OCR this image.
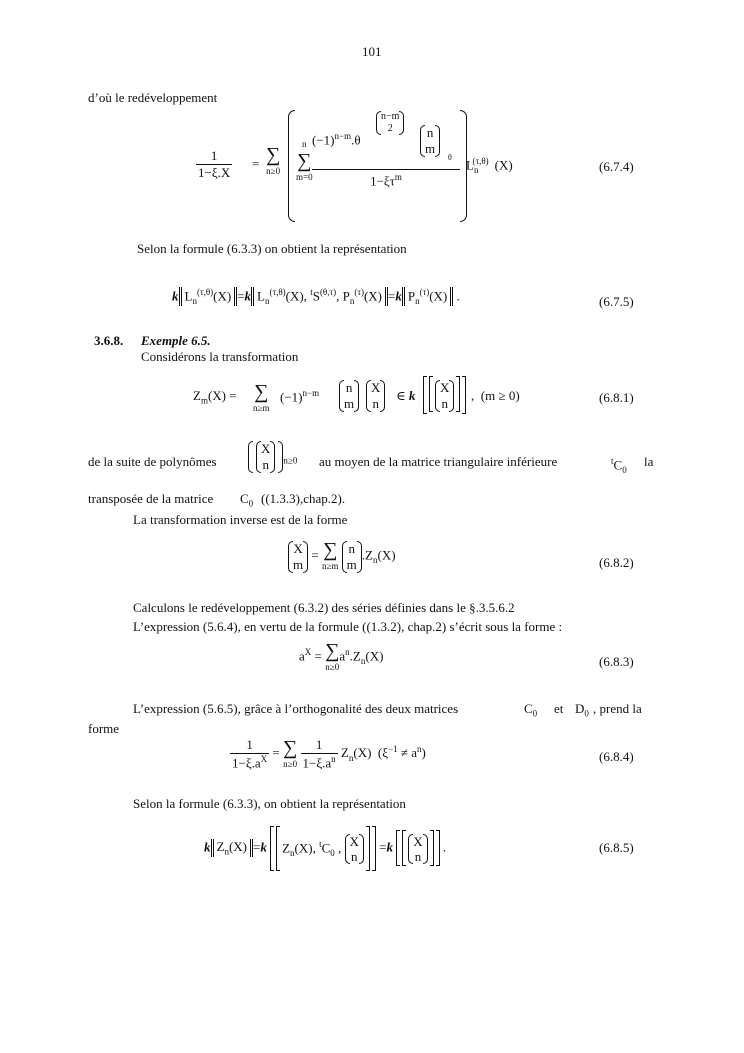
101
d’où le redéveloppement
$\frac{1}{1-\xi.X}$ = ∑
n≥0
n
∑
m=0
$(-1)^{n-m}.\theta$
n−m
2	n
m
θ
$1-\xi\tau^m$
$L_n^{(\tau,\theta)}$ (X)	(6.7.4)
Selon la formule (6.3.3) on obtient la représentation
k $L_n^{(\tau,\theta)}(X) =k$ $L_n^{(\tau,\theta)}(X)$, $^tS^{(\theta,\tau)}$, $P_n^{(\tau)}(X) =k$ $P_n^{(\tau)}(X)$ .	(6.7.5)
3.6.8. Exemple 6.5.
Considérons la transformation
$Z_m(X)$ = ∑
n≥m
$(-1)^{n-m}$	n
m
X
n
∈ k
X
n
,  (m ≥ 0)	(6.8.1)
de la suite de polynômes
X
n $_{n\ge 0}$ au moyen de la matrice triangulaire inférieure	$^tC_0$
la
transposée de la matrice $C_0$ ((1.3.3),chap.2).
La transformation inverse est de la forme
X
m = ∑
n≥m
n
$m.Z_n(X)$
(6.8.2)
Calculons le redéveloppement (6.3.2) des séries définies dans le §.3.5.6.2
L’expression (5.6.4), en vertu de la formule ((1.3.2), chap.2) s’écrit sous la forme :
$a^X$ = ∑
n≥0
$a^n.Z_n(X)$	(6.8.3)
L’expression (5.6.5), grâce à l’orthogonalité des deux matrices	$C_0$ et $D_0$ , prend la
forme
$\frac{1}{1-\xi.a^X}$ = ∑
n≥0
$\frac{1}{1-\xi.a^n} Z_n(X) (\xi^{-1} \ne a^n)$	(6.8.4)
Selon la formule (6.3.3), on obtient la représentation
k $Z_n(X) =k$ $Z_n(X)$, $^tC_0$ , X
n =k X
n .	(6.8.5)
